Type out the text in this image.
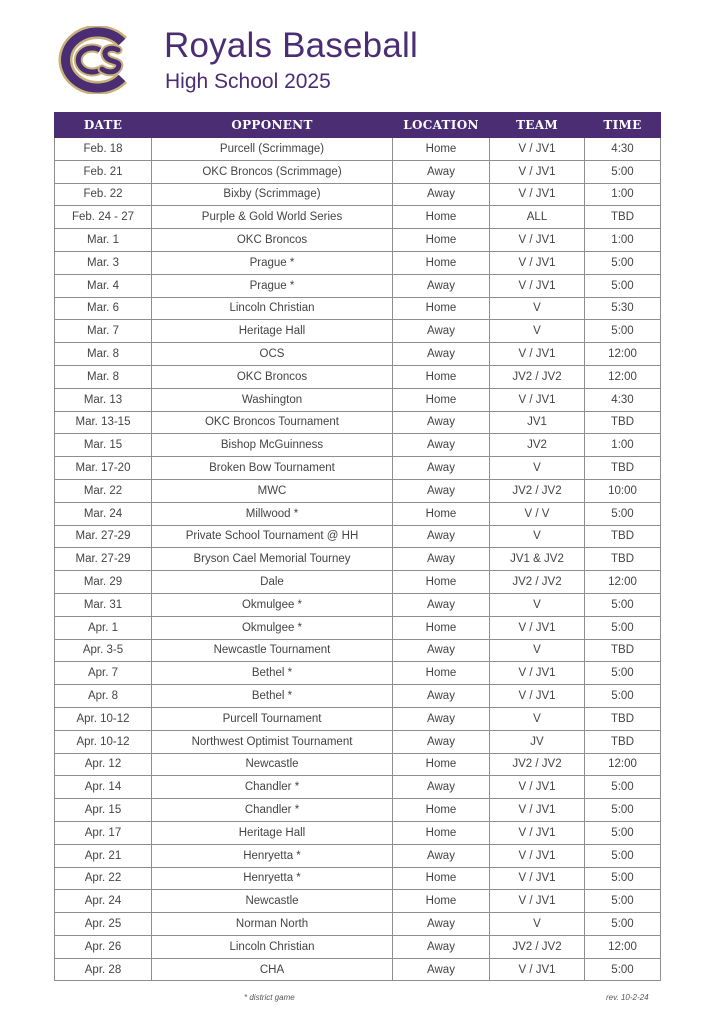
Royals Baseball
High School 2025
DATE	OPPONENT	LOCATION	TEAM	TIME
Feb. 18	Purcell (Scrimmage)	Home	V / JV1	4:30
Feb. 21	OKC Broncos (Scrimmage)	Away	V / JV1	5:00
Feb. 22	Bixby (Scrimmage)	Away	V / JV1	1:00
Feb. 24 - 27	Purple & Gold World Series	Home	ALL	TBD
Mar. 1	OKC Broncos	Home	V / JV1	1:00
Mar. 3	Prague *	Home	V / JV1	5:00
Mar. 4	Prague *	Away	V / JV1	5:00
Mar. 6	Lincoln Christian	Home	V	5:30
Mar. 7	Heritage Hall	Away	V	5:00
Mar. 8	OCS	Away	V / JV1	12:00
Mar. 8	OKC Broncos	Home	JV2 / JV2	12:00
Mar. 13	Washington	Home	V / JV1	4:30
Mar. 13-15	OKC Broncos Tournament	Away	JV1	TBD
Mar. 15	Bishop McGuinness	Away	JV2	1:00
Mar. 17-20	Broken Bow Tournament	Away	V	TBD
Mar. 22	MWC	Away	JV2 / JV2	10:00
Mar. 24	Millwood *	Home	V / V	5:00
Mar. 27-29	Private School Tournament @ HH	Away	V	TBD
Mar. 27-29	Bryson Cael Memorial Tourney	Away	JV1 & JV2	TBD
Mar. 29	Dale	Home	JV2 / JV2	12:00
Mar. 31	Okmulgee *	Away	V	5:00
Apr. 1	Okmulgee *	Home	V / JV1	5:00
Apr. 3-5	Newcastle Tournament	Away	V	TBD
Apr. 7	Bethel *	Home	V / JV1	5:00
Apr. 8	Bethel *	Away	V / JV1	5:00
Apr. 10-12	Purcell Tournament	Away	V	TBD
Apr. 10-12	Northwest Optimist Tournament	Away	JV	TBD
Apr. 12	Newcastle	Home	JV2 / JV2	12:00
Apr. 14	Chandler *	Away	V / JV1	5:00
Apr. 15	Chandler *	Home	V / JV1	5:00
Apr. 17	Heritage Hall	Home	V / JV1	5:00
Apr. 21	Henryetta *	Away	V / JV1	5:00
Apr. 22	Henryetta *	Home	V / JV1	5:00
Apr. 24	Newcastle	Home	V / JV1	5:00
Apr. 25	Norman North	Away	V	5:00
Apr. 26	Lincoln Christian	Away	JV2 / JV2	12:00
Apr. 28	CHA	Away	V / JV1	5:00
* district game	rev. 10-2-24
